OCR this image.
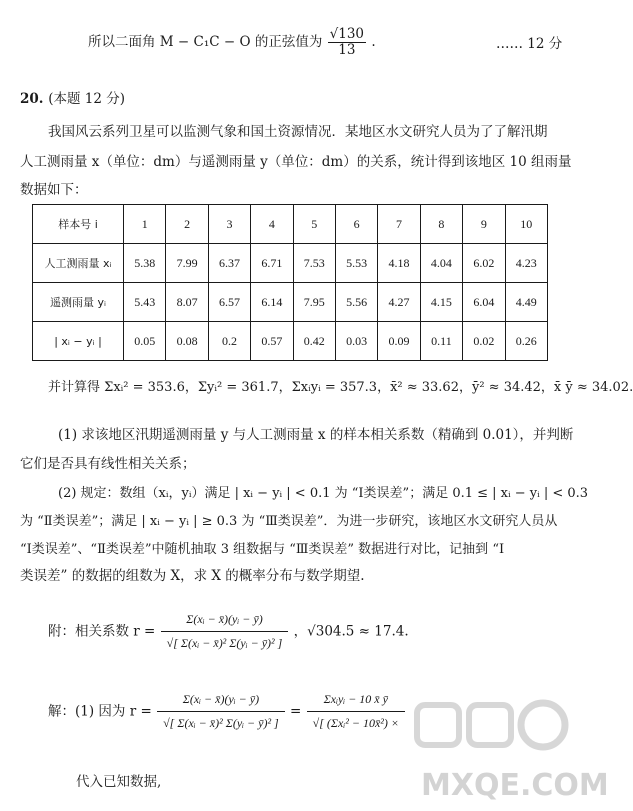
所以二面角 M − C₁C − O 的正弦值为 $\frac{√130}{13}$ .	…… 12 分
20. (本题 12 分)
我国风云系列卫星可以监测气象和国土资源情况．某地区水文研究人员为了了解汛期
人工测雨量 x（单位：dm）与遥测雨量 y（单位：dm）的关系，统计得到该地区 10 组雨量
数据如下：
样本号 i	1	2	3	4	5	6	7	8	9	10
人工测雨量 xᵢ	5.38	7.99	6.37	6.71	7.53	5.53	4.18	4.04	6.02	4.23
遥测雨量 yᵢ	5.43	8.07	6.57	6.14	7.95	5.56	4.27	4.15	6.04	4.49
| xᵢ − yᵢ |	0.05	0.08	0.2	0.57	0.42	0.03	0.09	0.11	0.02	0.26
并计算得 Σxᵢ² = 353.6，Σyᵢ² = 361.7，Σxᵢyᵢ = 357.3，x̄² ≈ 33.62，ȳ² ≈ 34.42，x̄ ȳ ≈ 34.02.
(1) 求该地区汛期遥测雨量 y 与人工测雨量 x 的样本相关系数（精确到 0.01），并判断
它们是否具有线性相关关系；
(2) 规定：数组（xᵢ，yᵢ）满足 | xᵢ − yᵢ | < 0.1 为 “Ⅰ类误差”；满足 0.1 ≤ | xᵢ − yᵢ | < 0.3
为 “Ⅱ类误差”；满足 | xᵢ − yᵢ | ≥ 0.3 为 “Ⅲ类误差”．为进一步研究，该地区水文研究人员从
“Ⅰ类误差”、“Ⅱ类误差”中随机抽取 3 组数据与 “Ⅲ类误差” 数据进行对比，记抽到 “Ⅰ
类误差” 的数据的组数为 X，求 X 的概率分布与数学期望.
附：相关系数 $r = \frac{\text{Σ(xᵢ − x̄)(yᵢ − ȳ)}}{\text{√[ Σ(xᵢ − x̄)² Σ(yᵢ − ȳ)² ]}}$ ，√304.5 ≈ 17.4.
解：(1) 因为 $r = \frac{\text{Σ(xᵢ − x̄)(yᵢ − ȳ)}}{\text{√[ Σ(xᵢ − x̄)² Σ(yᵢ − ȳ)² ]}} = \frac{\text{Σxᵢyᵢ − 10 x̄ ȳ}}{\text{√[ (Σxᵢ² − 10x̄²) ×}}$
代入已知数据,	MXQE.COM
